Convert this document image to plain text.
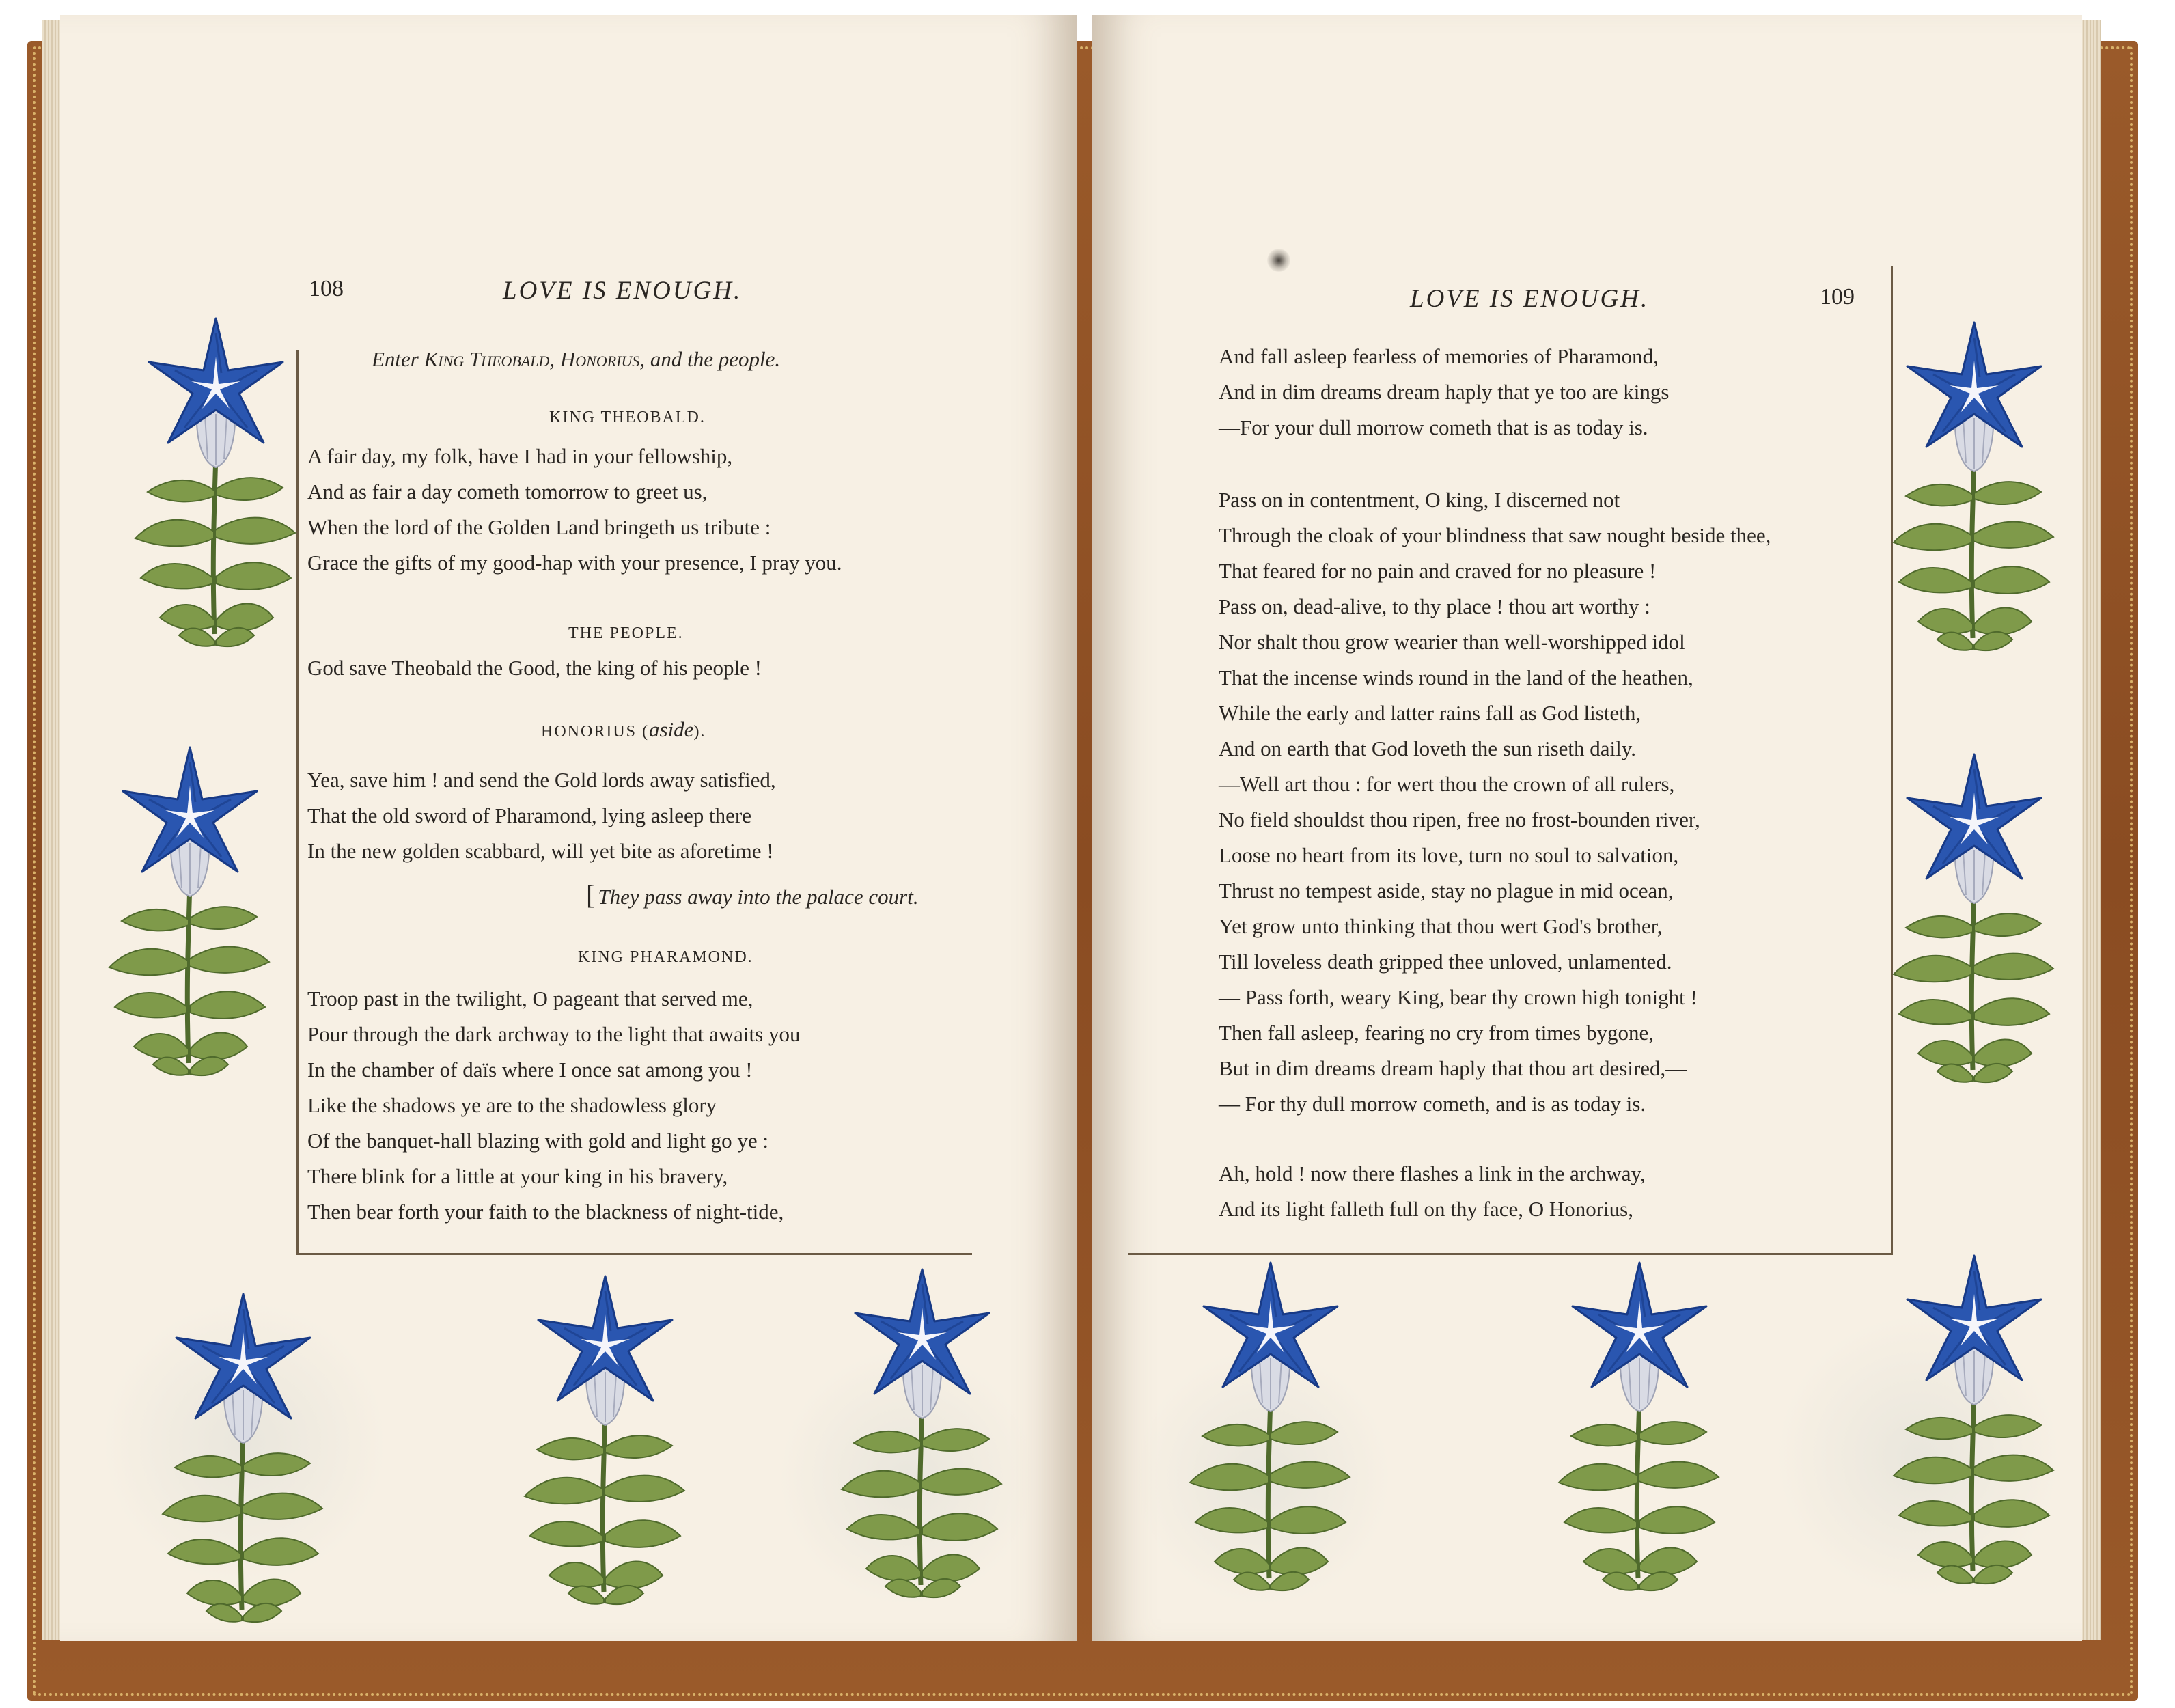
108	LOVE IS ENOUGH.	LOVE IS ENOUGH.	109
Enter King Theobald, Honorius, and the people.
KING THEOBALD.
A fair day, my folk, have I had in your fellowship,
And as fair a day cometh tomorrow to greet us,
When the lord of the Golden Land bringeth us tribute :
Grace the gifts of my good-hap with your presence, I pray you.
THE PEOPLE.
God save Theobald the Good, the king of his people !
HONORIUS (aside).
Yea, save him ! and send the Gold lords away satisfied,
That the old sword of Pharamond, lying asleep there
In the new golden scabbard, will yet bite as aforetime !
[ They pass away into the palace court.
KING PHARAMOND.
Troop past in the twilight, O pageant that served me,
Pour through the dark archway to the light that awaits you
In the chamber of daïs where I once sat among you !
Like the shadows ye are to the shadowless glory
Of the banquet-hall blazing with gold and light go ye :
There blink for a little at your king in his bravery,
Then bear forth your faith to the blackness of night-tide,
And fall asleep fearless of memories of Pharamond,
And in dim dreams dream haply that ye too are kings
—For your dull morrow cometh that is as today is.
Pass on in contentment, O king, I discerned not
Through the cloak of your blindness that saw nought beside thee,
That feared for no pain and craved for no pleasure !
Pass on, dead-alive, to thy place ! thou art worthy :
Nor shalt thou grow wearier than well-worshipped idol
That the incense winds round in the land of the heathen,
While the early and latter rains fall as God listeth,
And on earth that God loveth the sun riseth daily.
—Well art thou : for wert thou the crown of all rulers,
No field shouldst thou ripen, free no frost-bounden river,
Loose no heart from its love, turn no soul to salvation,
Thrust no tempest aside, stay no plague in mid ocean,
Yet grow unto thinking that thou wert God's brother,
Till loveless death gripped thee unloved, unlamented.
— Pass forth, weary King, bear thy crown high tonight !
Then fall asleep, fearing no cry from times bygone,
But in dim dreams dream haply that thou art desired,—
— For thy dull morrow cometh, and is as today is.
Ah, hold ! now there flashes a link in the archway,
And its light falleth full on thy face, O Honorius,
